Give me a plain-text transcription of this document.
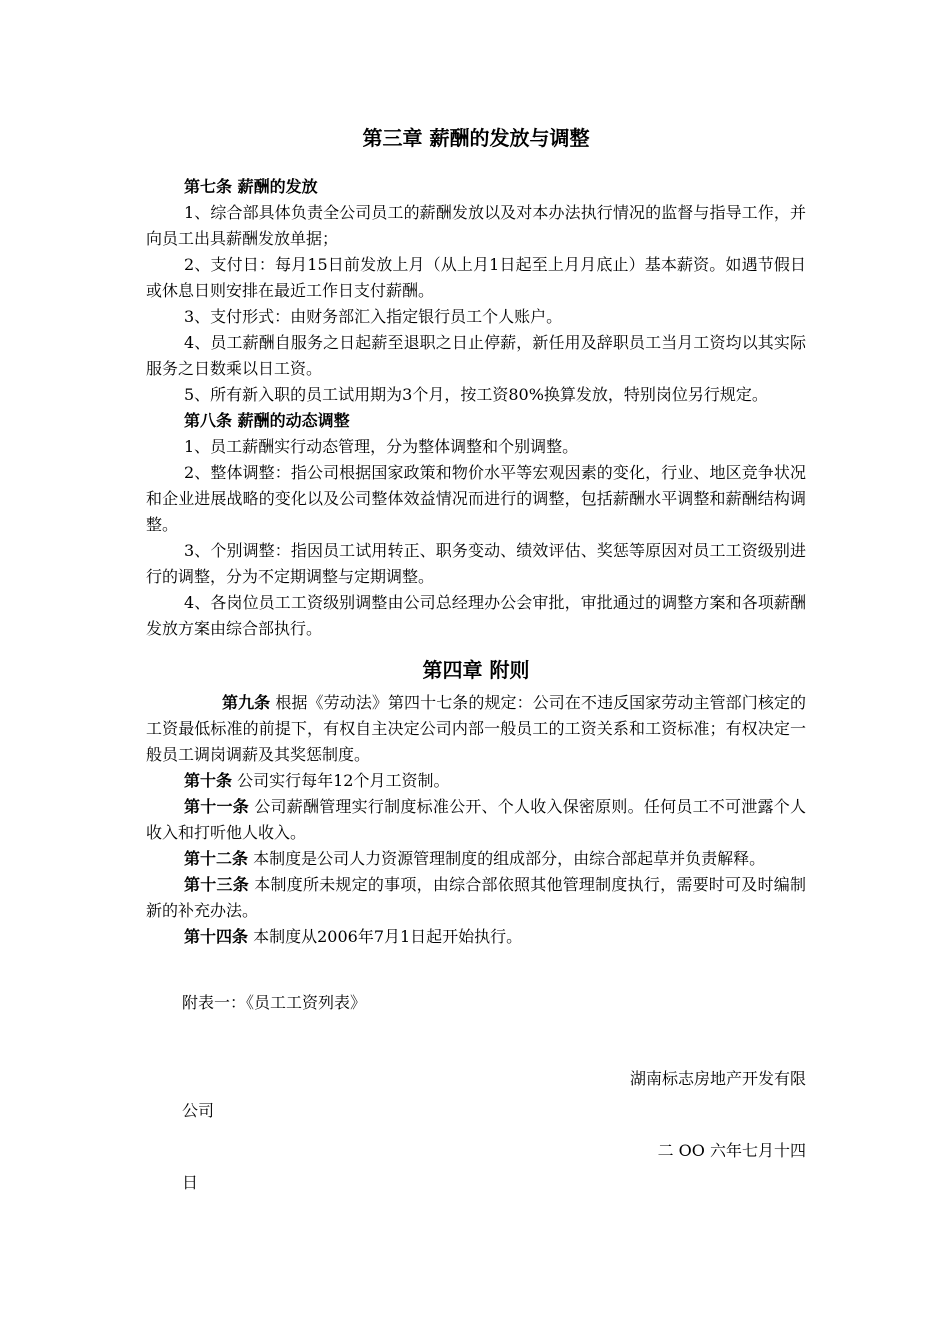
第三章 薪酬的发放与调整

第七条 薪酬的发放

1、综合部具体负责全公司员工的薪酬发放以及对本办法执行情况的监督与指导工作，并向员工出具薪酬发放单据；

2、支付日：每月15日前发放上月（从上月1日起至上月月底止）基本薪资。如遇节假日或休息日则安排在最近工作日支付薪酬。

3、支付形式：由财务部汇入指定银行员工个人账户。

4、员工薪酬自服务之日起薪至退职之日止停薪，新任用及辞职员工当月工资均以其实际服务之日数乘以日工资。

5、所有新入职的员工试用期为3个月，按工资80%换算发放，特别岗位另行规定。

第八条 薪酬的动态调整

1、员工薪酬实行动态管理，分为整体调整和个别调整。

2、整体调整：指公司根据国家政策和物价水平等宏观因素的变化，行业、地区竞争状况和企业进展战略的变化以及公司整体效益情况而进行的调整，包括薪酬水平调整和薪酬结构调整。

3、个别调整：指因员工试用转正、职务变动、绩效评估、奖惩等原因对员工工资级别进行的调整，分为不定期调整与定期调整。

4、各岗位员工工资级别调整由公司总经理办公会审批，审批通过的调整方案和各项薪酬发放方案由综合部执行。

第四章 附则

第九条 根据《劳动法》第四十七条的规定：公司在不违反国家劳动主管部门核定的工资最低标准的前提下，有权自主决定公司内部一般员工的工资关系和工资标准；有权决定一般员工调岗调薪及其奖惩制度。

第十条 公司实行每年12个月工资制。

第十一条 公司薪酬管理实行制度标准公开、个人收入保密原则。任何员工不可泄露个人收入和打听他人收入。

第十二条 本制度是公司人力资源管理制度的组成部分，由综合部起草并负责解释。

第十三条 本制度所未规定的事项，由综合部依照其他管理制度执行，需要时可及时编制新的补充办法。

第十四条 本制度从2006年7月1日起开始执行。

附表一：《员工工资列表》

湖南标志房地产开发有限

公司

二 OO 六年七月十四

日
